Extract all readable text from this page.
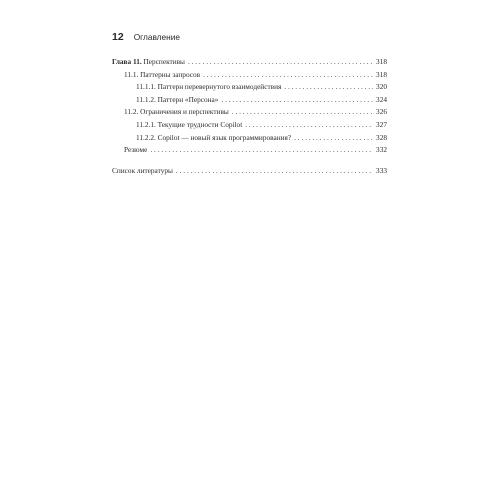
12 Оглавление
Глава 11. Перспективы . . .	318
11.1. Паттерны запросов . . .	318
11.1.1. Паттерн перевернутого взаимодействия . . .	320
11.1.2. Паттерн «Персона» . . .	324
11.2. Ограничения и перспективы . . .	326
11.2.1. Текущие трудности Copilot . . .	327
11.2.2. Copilot — новый язык программирования? . . .	328
Резюме . . .	332
Список литературы . . .	333
